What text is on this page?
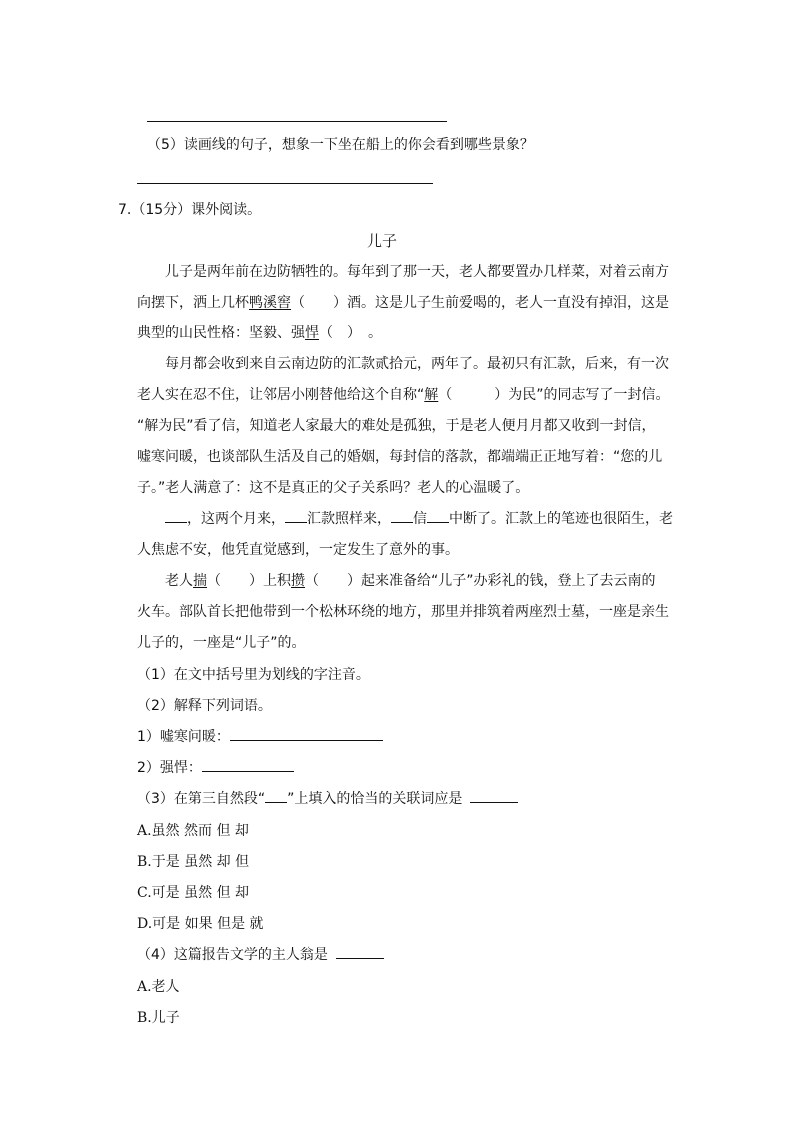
（5）读画线的句子，想象一下坐在船上的你会看到哪些景象？
7.（15分）课外阅读。
儿子
儿子是两年前在边防牺牲的。每年到了那一天，老人都要置办几样菜，对着云南方
向摆下，洒上几杯鸭溪窖（　　）酒。这是儿子生前爱喝的，老人一直没有掉泪，这是
典型的山民性格：坚毅、强悍（　）　。
每月都会收到来自云南边防的汇款贰拾元，两年了。最初只有汇款，后来，有一次
老人实在忍不住，让邻居小刚替他给这个自称“解（　　　）为民”的同志写了一封信。
“解为民”看了信，知道老人家最大的难处是孤独，于是老人便月月都又收到一封信，
嘘寒问暖，也谈部队生活及自己的婚姻，每封信的落款，都端端正正地写着：“您的儿
子。”老人满意了：这不是真正的父子关系吗？老人的心温暖了。
，这两个月来， 汇款照样来， 信 中断了。汇款上的笔迹也很陌生，老
人焦虑不安，他凭直觉感到，一定发生了意外的事。
老人揣（　　）上积攒（　　）起来准备给“儿子”办彩礼的钱，登上了去云南的
火车。部队首长把他带到一个松林环绕的地方，那里并排筑着两座烈士墓，一座是亲生
儿子的，一座是“儿子”的。
（1）在文中括号里为划线的字注音。
（2）解释下列词语。
1）嘘寒问暖：
2）强悍：
（3）在第三自然段“ ”上填入的恰当的关联词应是
A.虽然 然而 但 却
B.于是 虽然 却 但
C.可是 虽然 但 却
D.可是 如果 但是 就
（4）这篇报告文学的主人翁是
A.老人
B.儿子
